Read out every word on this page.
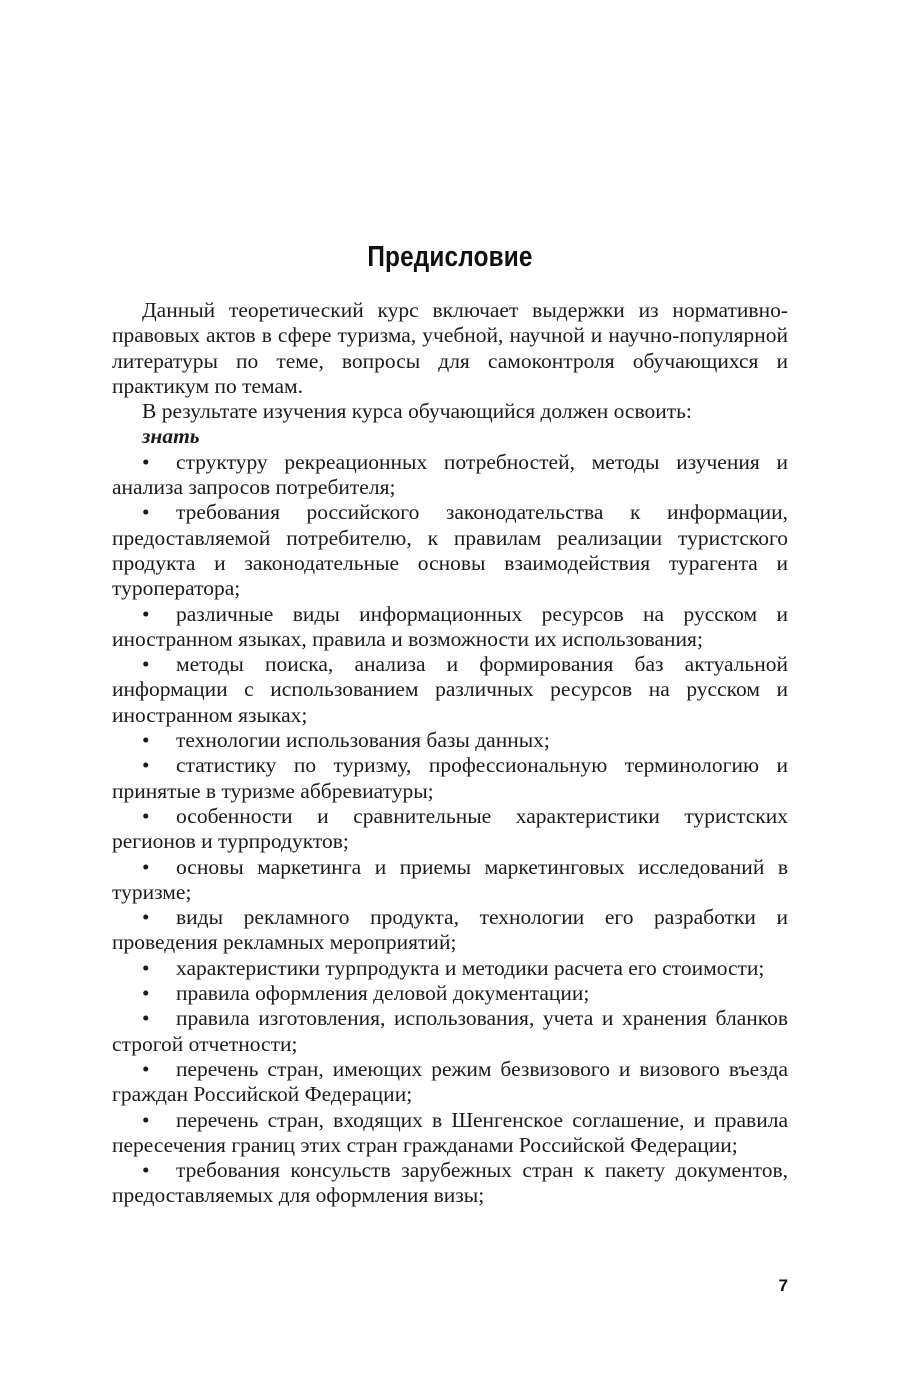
Предисловие

Данный теоретический курс включает выдержки из нормативно-правовых актов в сфере туризма, учебной, научной и научно-популярной литературы по теме, вопросы для самоконтроля обучающихся и практикум по темам.

В результате изучения курса обучающийся должен освоить:

знать

• структуру рекреационных потребностей, методы изучения и анализа запросов потребителя;
• требования российского законодательства к информации, предоставляемой потребителю, к правилам реализации туристского продукта и законодательные основы взаимодействия турагента и туроператора;
• различные виды информационных ресурсов на русском и иностранном языках, правила и возможности их использования;
• методы поиска, анализа и формирования баз актуальной информации с использованием различных ресурсов на русском и иностранном языках;
• технологии использования базы данных;
• статистику по туризму, профессиональную терминологию и принятые в туризме аббревиатуры;
• особенности и сравнительные характеристики туристских регионов и турпродуктов;
• основы маркетинга и приемы маркетинговых исследований в туризме;
• виды рекламного продукта, технологии его разработки и проведения рекламных мероприятий;
• характеристики турпродукта и методики расчета его стоимости;
• правила оформления деловой документации;
• правила изготовления, использования, учета и хранения бланков строгой отчетности;
• перечень стран, имеющих режим безвизового и визового въезда граждан Российской Федерации;
• перечень стран, входящих в Шенгенское соглашение, и правила пересечения границ этих стран гражданами Российской Федерации;
• требования консульств зарубежных стран к пакету документов, предоставляемых для оформления визы;
7
